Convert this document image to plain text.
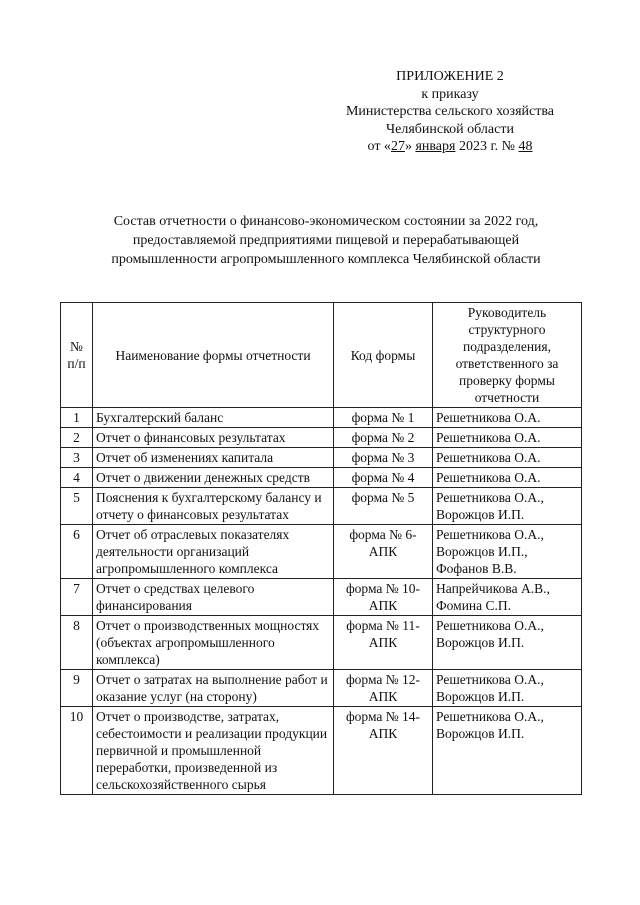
ПРИЛОЖЕНИЕ 2
к приказу
Министерства сельского хозяйства
Челябинской области
от «27» января 2023 г. № 48
Состав отчетности о финансово-экономическом состоянии за 2022 год,
предоставляемой предприятиями пищевой и перерабатывающей
промышленности агропромышленного комплекса Челябинской области
№ п/п	Наименование формы отчетности	Код формы	Руководитель структурного подразделения, ответственного за проверку формы отчетности
1	Бухгалтерский баланс	форма № 1	Решетникова О.А.
2	Отчет о финансовых результатах	форма № 2	Решетникова О.А.
3	Отчет об изменениях капитала	форма № 3	Решетникова О.А.
4	Отчет о движении денежных средств	форма № 4	Решетникова О.А.
5	Пояснения к бухгалтерскому балансу и отчету о финансовых результатах	форма № 5	Решетникова О.А., Ворожцов И.П.
6	Отчет об отраслевых показателях деятельности организаций агропромышленного комплекса	форма № 6-АПК	Решетникова О.А., Ворожцов И.П., Фофанов В.В.
7	Отчет о средствах целевого финансирования	форма № 10-АПК	Напрейчикова А.В., Фомина С.П.
8	Отчет о производственных мощностях (объектах агропромышленного комплекса)	форма № 11-АПК	Решетникова О.А., Ворожцов И.П.
9	Отчет о затратах на выполнение работ и оказание услуг (на сторону)	форма № 12-АПК	Решетникова О.А., Ворожцов И.П.
10	Отчет о производстве, затратах, себестоимости и реализации продукции первичной и промышленной переработки, произведенной из сельскохозяйственного сырья	форма № 14-АПК	Решетникова О.А., Ворожцов И.П.
